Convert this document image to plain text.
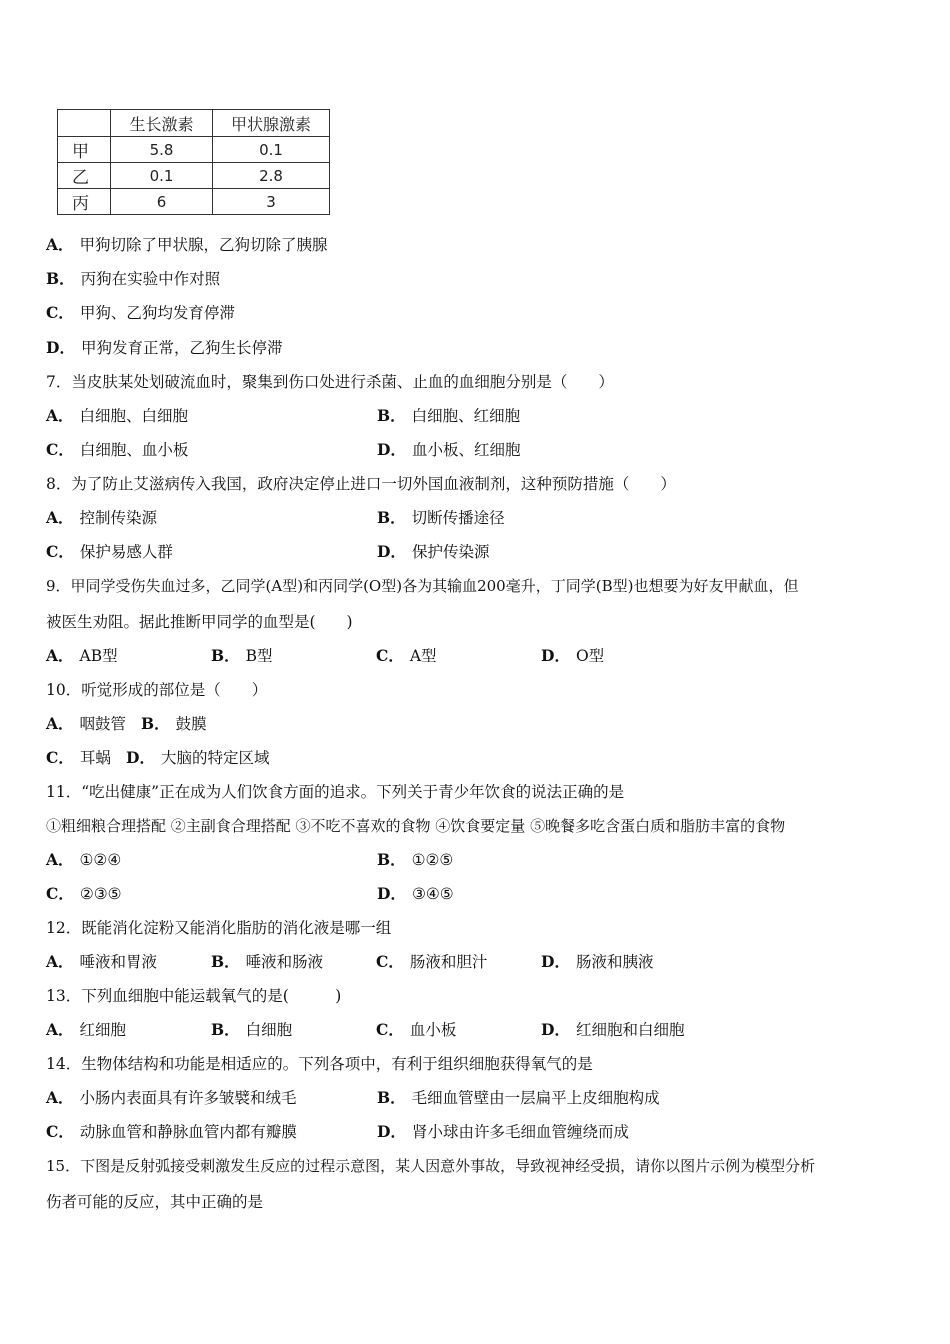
	生长激素	甲状腺激素
甲	5.8	0.1
乙	0.1	2.8
丙	6	3
A． 甲狗切除了甲状腺，乙狗切除了胰腺
B． 丙狗在实验中作对照
C． 甲狗、乙狗均发育停滞
D． 甲狗发育正常，乙狗生长停滞
7．当皮肤某处划破流血时，聚集到伤口处进行杀菌、止血的血细胞分别是（　　）
A． 白细胞、白细胞	B． 白细胞、红细胞
C． 白细胞、血小板	D． 血小板、红细胞
8．为了防止艾滋病传入我国，政府决定停止进口一切外国血液制剂，这种预防措施（　　）
A． 控制传染源	B． 切断传播途径
C． 保护易感人群	D． 保护传染源
9．甲同学受伤失血过多，乙同学(A型)和丙同学(O型)各为其输血200毫升，丁同学(B型)也想要为好友甲献血，但
被医生劝阻。据此推断甲同学的血型是(　　)
A． AB型	B． B型	C． A型	D． O型
10．听觉形成的部位是（　　）
A． 咽鼓管 B． 鼓膜
C． 耳蜗 D． 大脑的特定区域
11．“吃出健康”正在成为人们饮食方面的追求。下列关于青少年饮食的说法正确的是
①粗细粮合理搭配 ②主副食合理搭配 ③不吃不喜欢的食物 ④饮食要定量 ⑤晚餐多吃含蛋白质和脂肪丰富的食物
A． ①②④	B． ①②⑤
C． ②③⑤	D． ③④⑤
12．既能消化淀粉又能消化脂肪的消化液是哪一组
A． 唾液和胃液	B． 唾液和肠液	C． 肠液和胆汁	D． 肠液和胰液
13．下列血细胞中能运载氧气的是(　　　)
A． 红细胞	B． 白细胞	C． 血小板	D． 红细胞和白细胞
14．生物体结构和功能是相适应的。下列各项中，有利于组织细胞获得氧气的是
A． 小肠内表面具有许多皱襞和绒毛	B． 毛细血管壁由一层扁平上皮细胞构成
C． 动脉血管和静脉血管内都有瓣膜	D． 肾小球由许多毛细血管缠绕而成
15．下图是反射弧接受刺激发生反应的过程示意图，某人因意外事故，导致视神经受损，请你以图片示例为模型分析
伤者可能的反应，其中正确的是
